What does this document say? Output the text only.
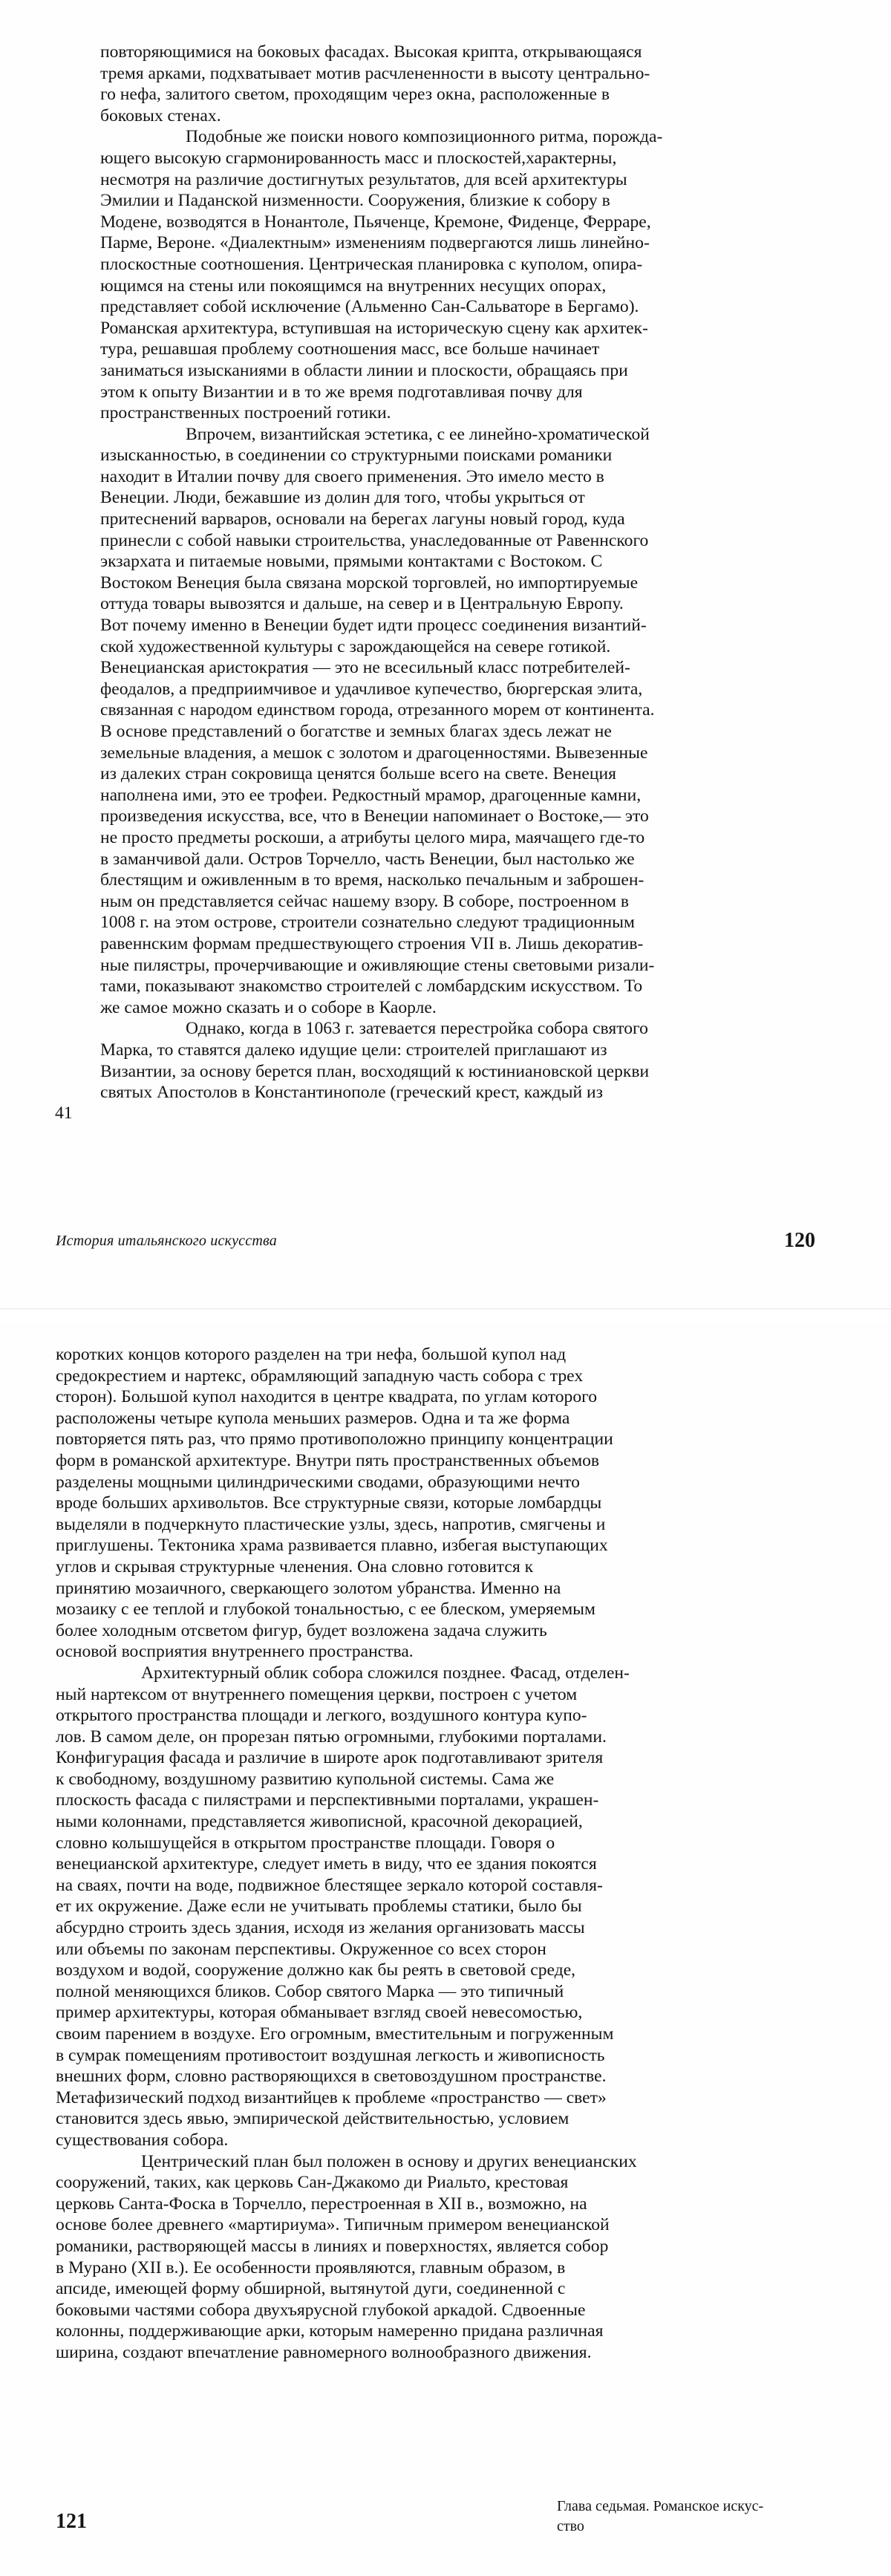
повторяющимися на боковых фасадах. Высокая крипта, открывающаяся
тремя арками, подхватывает мотив расчлененности в высоту центрально-
го нефа, залитого светом, проходящим через окна, расположенные в
боковых стенах.

Подобные же поиски нового композиционного ритма, порожда-
ющего высокую сгармонированность масс и плоскостей,характерны,
несмотря на различие достигнутых результатов, для всей архитектуры
Эмилии и Паданской низменности. Сооружения, близкие к собору в
Модене, возводятся в Нонантоле, Пьяченце, Кремоне, Фиденце, Ферраре,
Парме, Вероне. «Диалектным» изменениям подвергаются лишь линейно-
плоскостные соотношения. Центрическая планировка с куполом, опира-
ющимся на стены или покоящимся на внутренних несущих опорах,
представляет собой исключение (Альменно Сан-Сальваторе в Бергамо).
Романская архитектура, вступившая на историческую сцену как архитек-
тура, решавшая проблему соотношения масс, все больше начинает
заниматься изысканиями в области линии и плоскости, обращаясь при
этом к опыту Византии и в то же время подготавливая почву для
пространственных построений готики.

Впрочем, византийская эстетика, с ее линейно-хроматической
изысканностью, в соединении со структурными поисками романики
находит в Италии почву для своего применения. Это имело место в
Венеции. Люди, бежавшие из долин для того, чтобы укрыться от
притеснений варваров, основали на берегах лагуны новый город, куда
принесли с собой навыки строительства, унаследованные от Равеннского
экзархата и питаемые новыми, прямыми контактами с Востоком. С
Востоком Венеция была связана морской торговлей, но импортируемые
оттуда товары вывозятся и дальше, на север и в Центральную Европу.
Вот почему именно в Венеции будет идти процесс соединения византий-
ской художественной культуры с зарождающейся на севере готикой.
Венецианская аристократия — это не всесильный класс потребителей-
феодалов, а предприимчивое и удачливое купечество, бюргерская элита,
связанная с народом единством города, отрезанного морем от континента.
В основе представлений о богатстве и земных благах здесь лежат не
земельные владения, а мешок с золотом и драгоценностями. Вывезенные
из далеких стран сокровища ценятся больше всего на свете. Венеция
наполнена ими, это ее трофеи. Редкостный мрамор, драгоценные камни,
произведения искусства, все, что в Венеции напоминает о Востоке,— это
не просто предметы роскоши, а атрибуты целого мира, маячащего где-то
в заманчивой дали. Остров Торчелло, часть Венеции, был настолько же
блестящим и оживленным в то время, насколько печальным и заброшен-
ным он представляется сейчас нашему взору. В соборе, построенном в
1008 г. на этом острове, строители сознательно следуют традиционным
равеннским формам предшествующего строения VII в. Лишь декоратив-
ные пилястры, прочерчивающие и оживляющие стены световыми ризали-
тами, показывают знакомство строителей с ломбардским искусством. То
же самое можно сказать и о соборе в Каорле.

Однако, когда в 1063 г. затевается перестройка собора святого
Марка, то ставятся далеко идущие цели: строителей приглашают из
Византии, за основу берется план, восходящий к юстиниановской церкви
святых Апостолов в Константинополе (греческий крест, каждый из

41
История итальянского искусства	120

коротких концов которого разделен на три нефа, большой купол над
средокрестием и нартекс, обрамляющий западную часть собора с трех
сторон). Большой купол находится в центре квадрата, по углам которого
расположены четыре купола меньших размеров. Одна и та же форма
повторяется пять раз, что прямо противоположно принципу концентрации
форм в романской архитектуре. Внутри пять пространственных объемов
разделены мощными цилиндрическими сводами, образующими нечто
вроде больших архивольтов. Все структурные связи, которые ломбардцы
выделяли в подчеркнуто пластические узлы, здесь, напротив, смягчены и
приглушены. Тектоника храма развивается плавно, избегая выступающих
углов и скрывая структурные членения. Она словно готовится к
принятию мозаичного, сверкающего золотом убранства. Именно на
мозаику с ее теплой и глубокой тональностью, с ее блеском, умеряемым
более холодным отсветом фигур, будет возложена задача служить
основой восприятия внутреннего пространства.

Архитектурный облик собора сложился позднее. Фасад, отделен-
ный нартексом от внутреннего помещения церкви, построен с учетом
открытого пространства площади и легкого, воздушного контура купо-
лов. В самом деле, он прорезан пятью огромными, глубокими порталами.
Конфигурация фасада и различие в широте арок подготавливают зрителя
к свободному, воздушному развитию купольной системы. Сама же
плоскость фасада с пилястрами и перспективными порталами, украшен-
ными колоннами, представляется живописной, красочной декорацией,
словно колышущейся в открытом пространстве площади. Говоря о
венецианской архитектуре, следует иметь в виду, что ее здания покоятся
на сваях, почти на воде, подвижное блестящее зеркало которой составля-
ет их окружение. Даже если не учитывать проблемы статики, было бы
абсурдно строить здесь здания, исходя из желания организовать массы
или объемы по законам перспективы. Окруженное со всех сторон
воздухом и водой, сооружение должно как бы реять в световой среде,
полной меняющихся бликов. Собор святого Марка — это типичный
пример архитектуры, которая обманывает взгляд своей невесомостью,
своим парением в воздухе. Его огромным, вместительным и погруженным
в сумрак помещениям противостоит воздушная легкость и живописность
внешних форм, словно растворяющихся в световоздушном пространстве.
Метафизический подход византийцев к проблеме «пространство — свет»
становится здесь явью, эмпирической действительностью, условием
существования собора.

Центрический план был положен в основу и других венецианских
сооружений, таких, как церковь Сан-Джакомо ди Риальто, крестовая
церковь Санта-Фоска в Торчелло, перестроенная в XII в., возможно, на
основе более древнего «мартириума». Типичным примером венецианской
романики, растворяющей массы в линиях и поверхностях, является собор
в Мурано (XII в.). Ее особенности проявляются, главным образом, в
апсиде, имеющей форму обширной, вытянутой дуги, соединенной с
боковыми частями собора двухъярусной глубокой аркадой. Сдвоенные
колонны, поддерживающие арки, которым намеренно придана различная
ширина, создают впечатление равномерного волнообразного движения.

121
Глава седьмая. Романское искус-
ство
